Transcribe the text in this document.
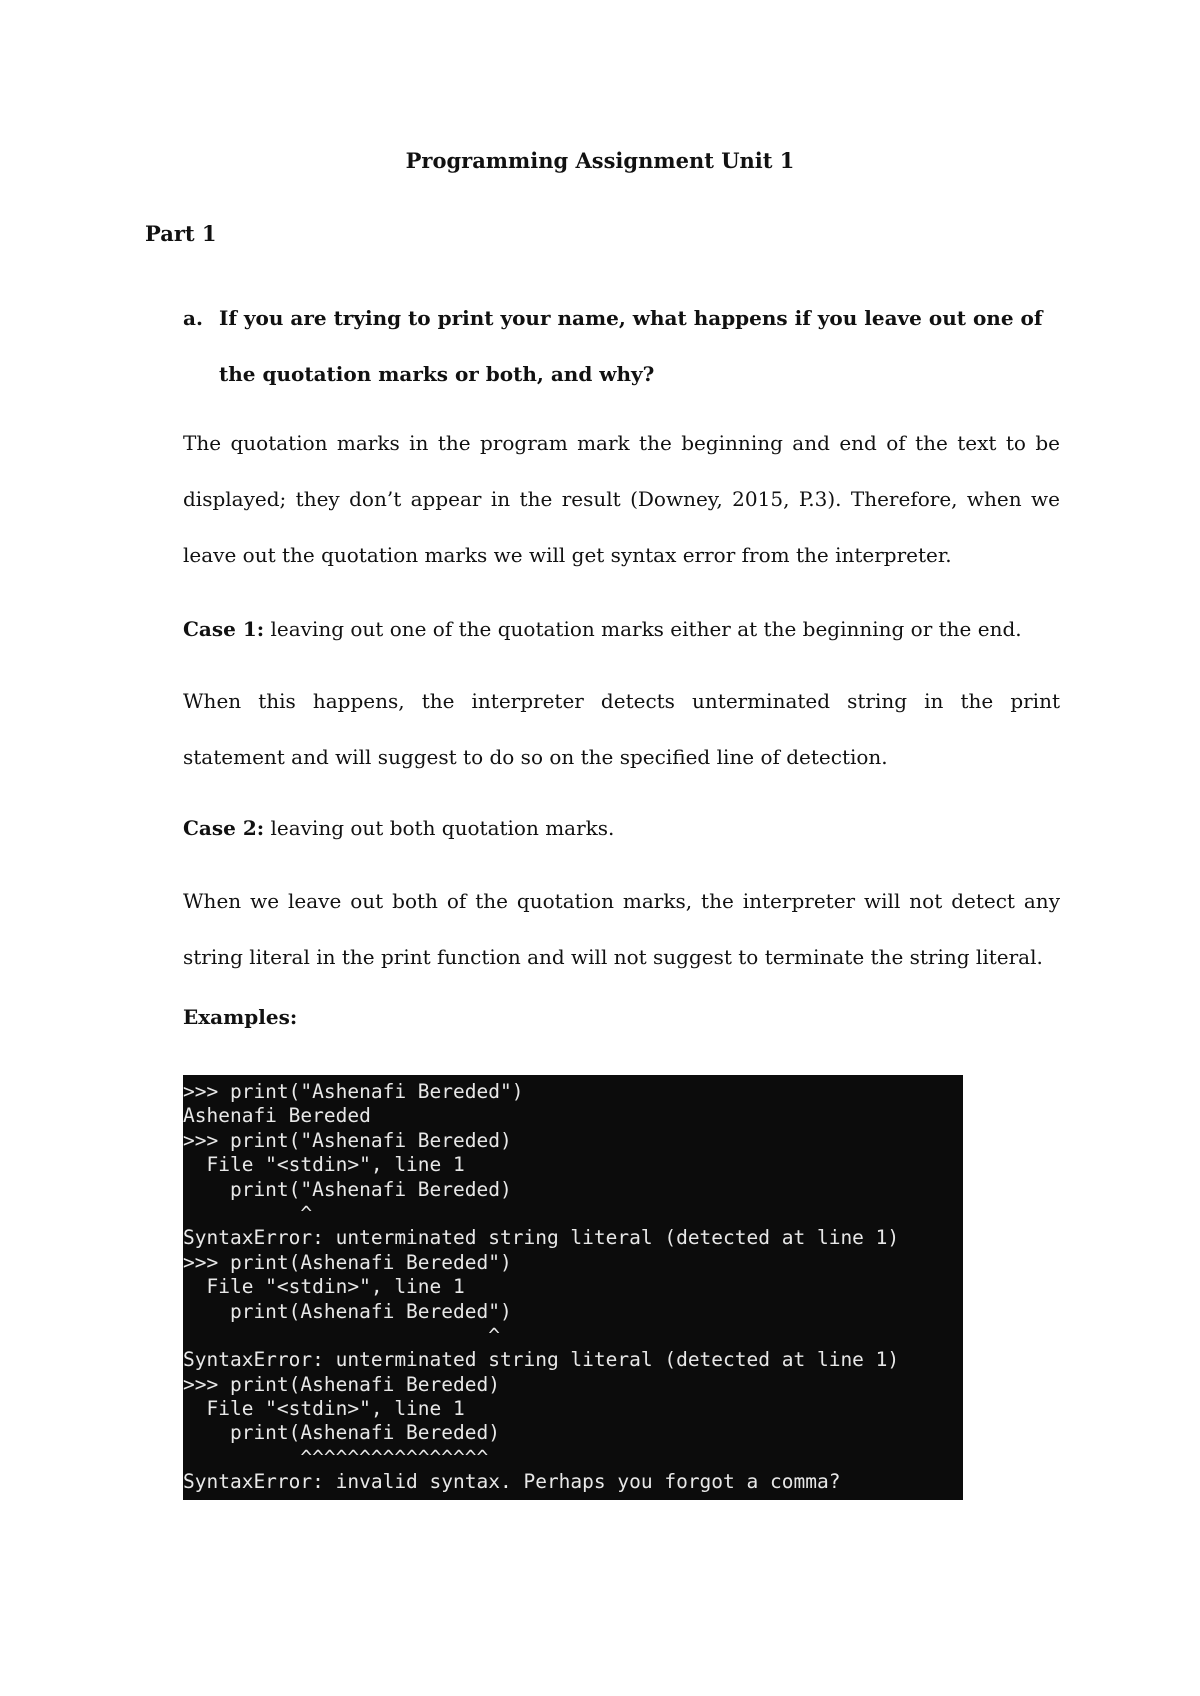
Programming Assignment Unit 1
Part 1
a. If you are trying to print your name, what happens if you leave out one of the quotation marks or both, and why?
The quotation marks in the program mark the beginning and end of the text to be displayed; they don’t appear in the result (Downey, 2015, P.3). Therefore, when we leave out the quotation marks we will get syntax error from the interpreter.
Case 1: leaving out one of the quotation marks either at the beginning or the end.
When this happens, the interpreter detects unterminated string in the print statement and will suggest to do so on the specified line of detection.
Case 2: leaving out both quotation marks.
When we leave out both of the quotation marks, the interpreter will not detect any string literal in the print function and will not suggest to terminate the string literal.
Examples:
>>> print("Ashenafi Bereded")
Ashenafi Bereded
>>> print("Ashenafi Bereded)
File "<stdin>", line 1
print("Ashenafi Bereded)
^
SyntaxError: unterminated string literal (detected at line 1)
>>> print(Ashenafi Bereded")
File "<stdin>", line 1
print(Ashenafi Bereded")
^
SyntaxError: unterminated string literal (detected at line 1)
>>> print(Ashenafi Bereded)
File "<stdin>", line 1
print(Ashenafi Bereded)
^^^^^^^^^^^^^^^^
SyntaxError: invalid syntax. Perhaps you forgot a comma?
